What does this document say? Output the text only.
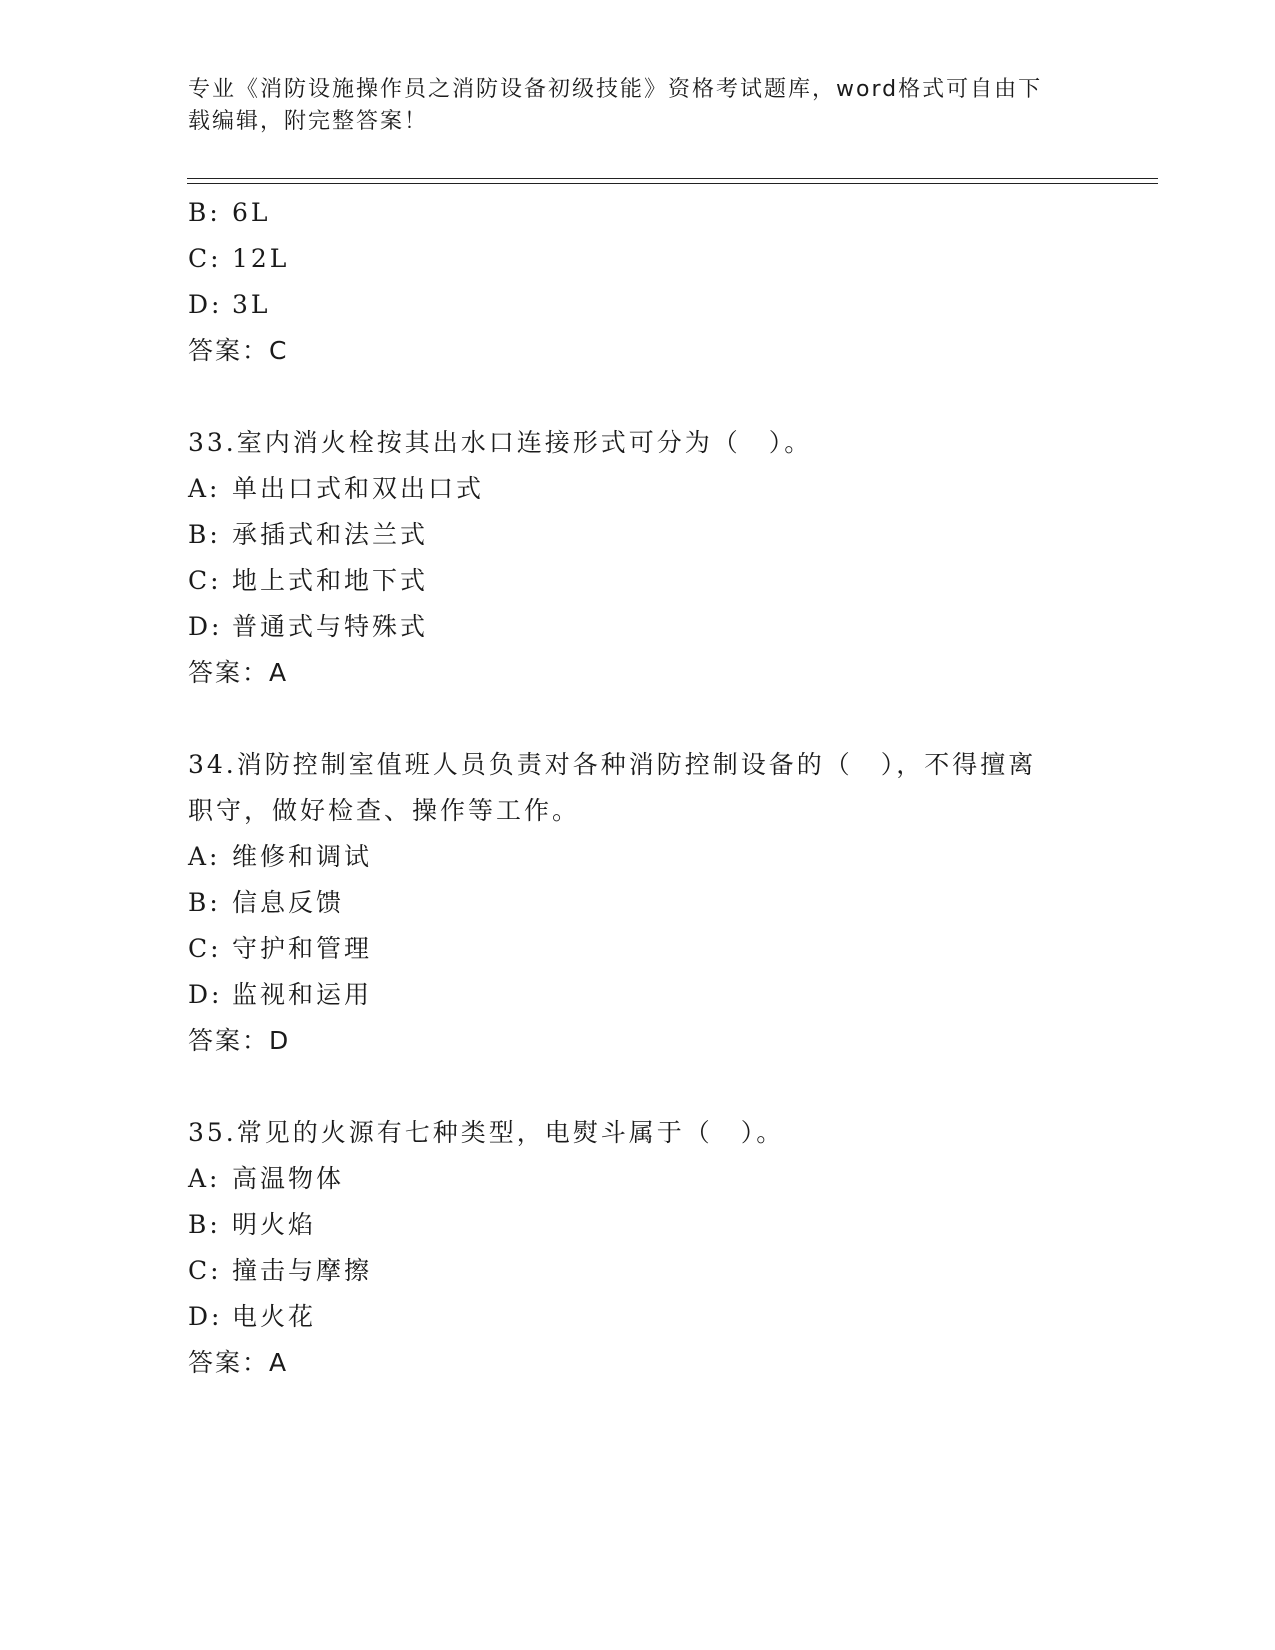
专业《消防设施操作员之消防设备初级技能》资格考试题库，word格式可自由下
载编辑，附完整答案！
B: 6L
C: 12L
D: 3L
答案：C
33.室内消火栓按其出水口连接形式可分为（　）。
A: 单出口式和双出口式
B: 承插式和法兰式
C: 地上式和地下式
D: 普通式与特殊式
答案：A
34.消防控制室值班人员负责对各种消防控制设备的（　），不得擅离
职守，做好检查、操作等工作。
A: 维修和调试
B: 信息反馈
C: 守护和管理
D: 监视和运用
答案：D
35.常见的火源有七种类型，电熨斗属于（　）。
A: 高温物体
B: 明火焰
C: 撞击与摩擦
D: 电火花
答案：A
